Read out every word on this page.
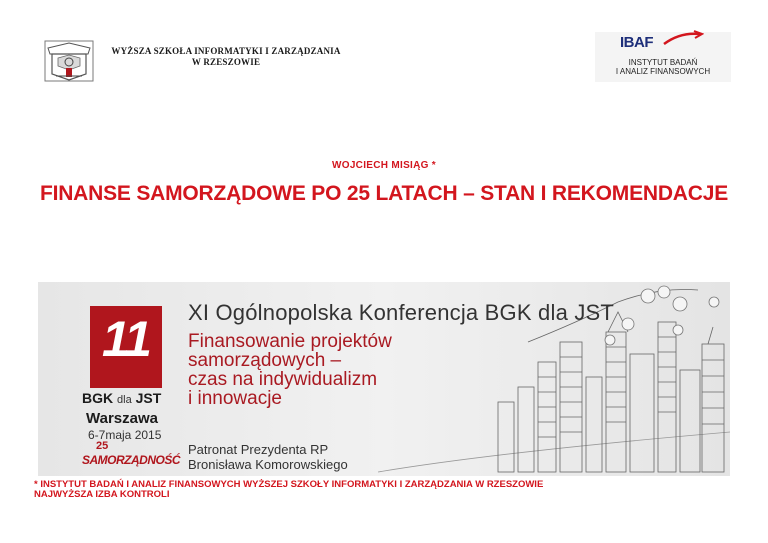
WYŻSZA SZKOŁA INFORMATYKI I ZARZĄDZANIA
W RZESZOWIE
IBAF
INSTYTUT BADAŃ
I ANALIZ FINANSOWYCH
WOJCIECH MISIĄG *
FINANSE SAMORZĄDOWE PO 25 LATACH – STAN I REKOMENDACJE
11
BGK dla JST
Warszawa
6-7maja 2015
25
SAMORZĄDNOŚĆ
XI Ogólnopolska Konferencja BGK dla JST
Finansowanie projektów
samorządowych –
czas na indywidualizm
i innowacje
Patronat Prezydenta RP
Bronisława Komorowskiego
* INSTYTUT BADAŃ I ANALIZ FINANSOWYCH WYŻSZEJ SZKOŁY INFORMATYKI I ZARZĄDZANIA W RZESZOWIE
NAJWYŻSZA IZBA KONTROLI
